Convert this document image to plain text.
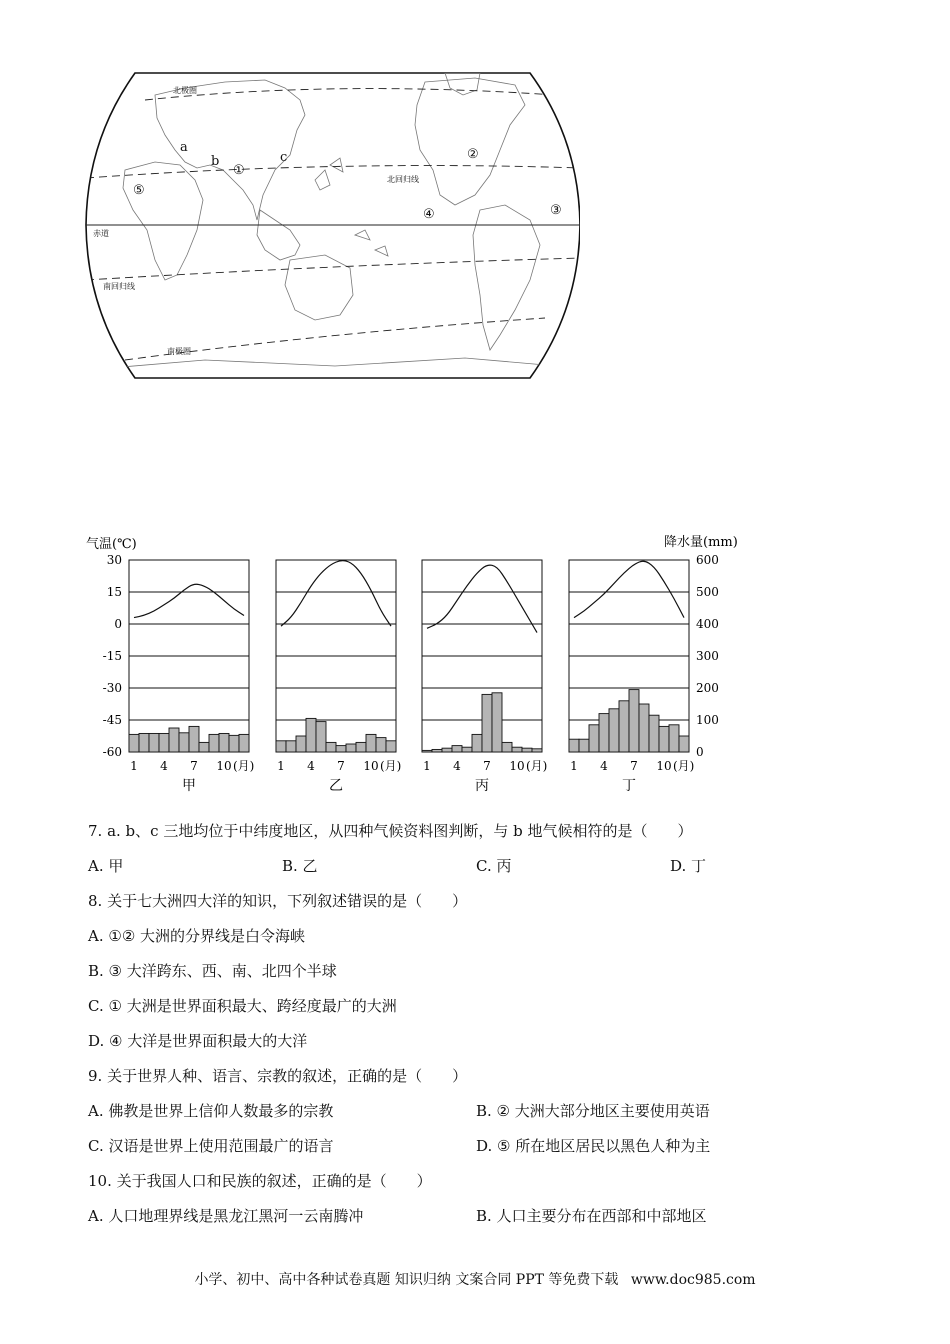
北极圈
北回归线
赤道
南回归线
南极圈
a
b	c
①
②
③
④
⑤
气温(℃)	降水量(mm)
30
15
0
-15
-30
-45
-60
600
500
400
300
200
100
0
1 4 7 10 (月)
甲
1 4 7 10 (月)
乙
1 4 7 10 (月)
丙
1 4 7 10 (月)
丁
7. a. b、c 三地均位于中纬度地区，从四种气候资料图判断，与 b 地气候相符的是（　　）
A. 甲	B. 乙	C. 丙	D. 丁
8. 关于七大洲四大洋的知识，下列叙述错误的是（　　）
A. ①② 大洲的分界线是白令海峡
B. ③ 大洋跨东、西、南、北四个半球
C. ① 大洲是世界面积最大、跨经度最广的大洲
D. ④ 大洋是世界面积最大的大洋
9. 关于世界人种、语言、宗教的叙述，正确的是（　　）
A. 佛教是世界上信仰人数最多的宗教	B. ② 大洲大部分地区主要使用英语
C. 汉语是世界上使用范围最广的语言	D. ⑤ 所在地区居民以黑色人种为主
10. 关于我国人口和民族的叙述，正确的是（　　）
A. 人口地理界线是黑龙江黑河一云南腾冲	B. 人口主要分布在西部和中部地区
小学、初中、高中各种试卷真题 知识归纳 文案合同 PPT 等免费下载 www.doc985.com
